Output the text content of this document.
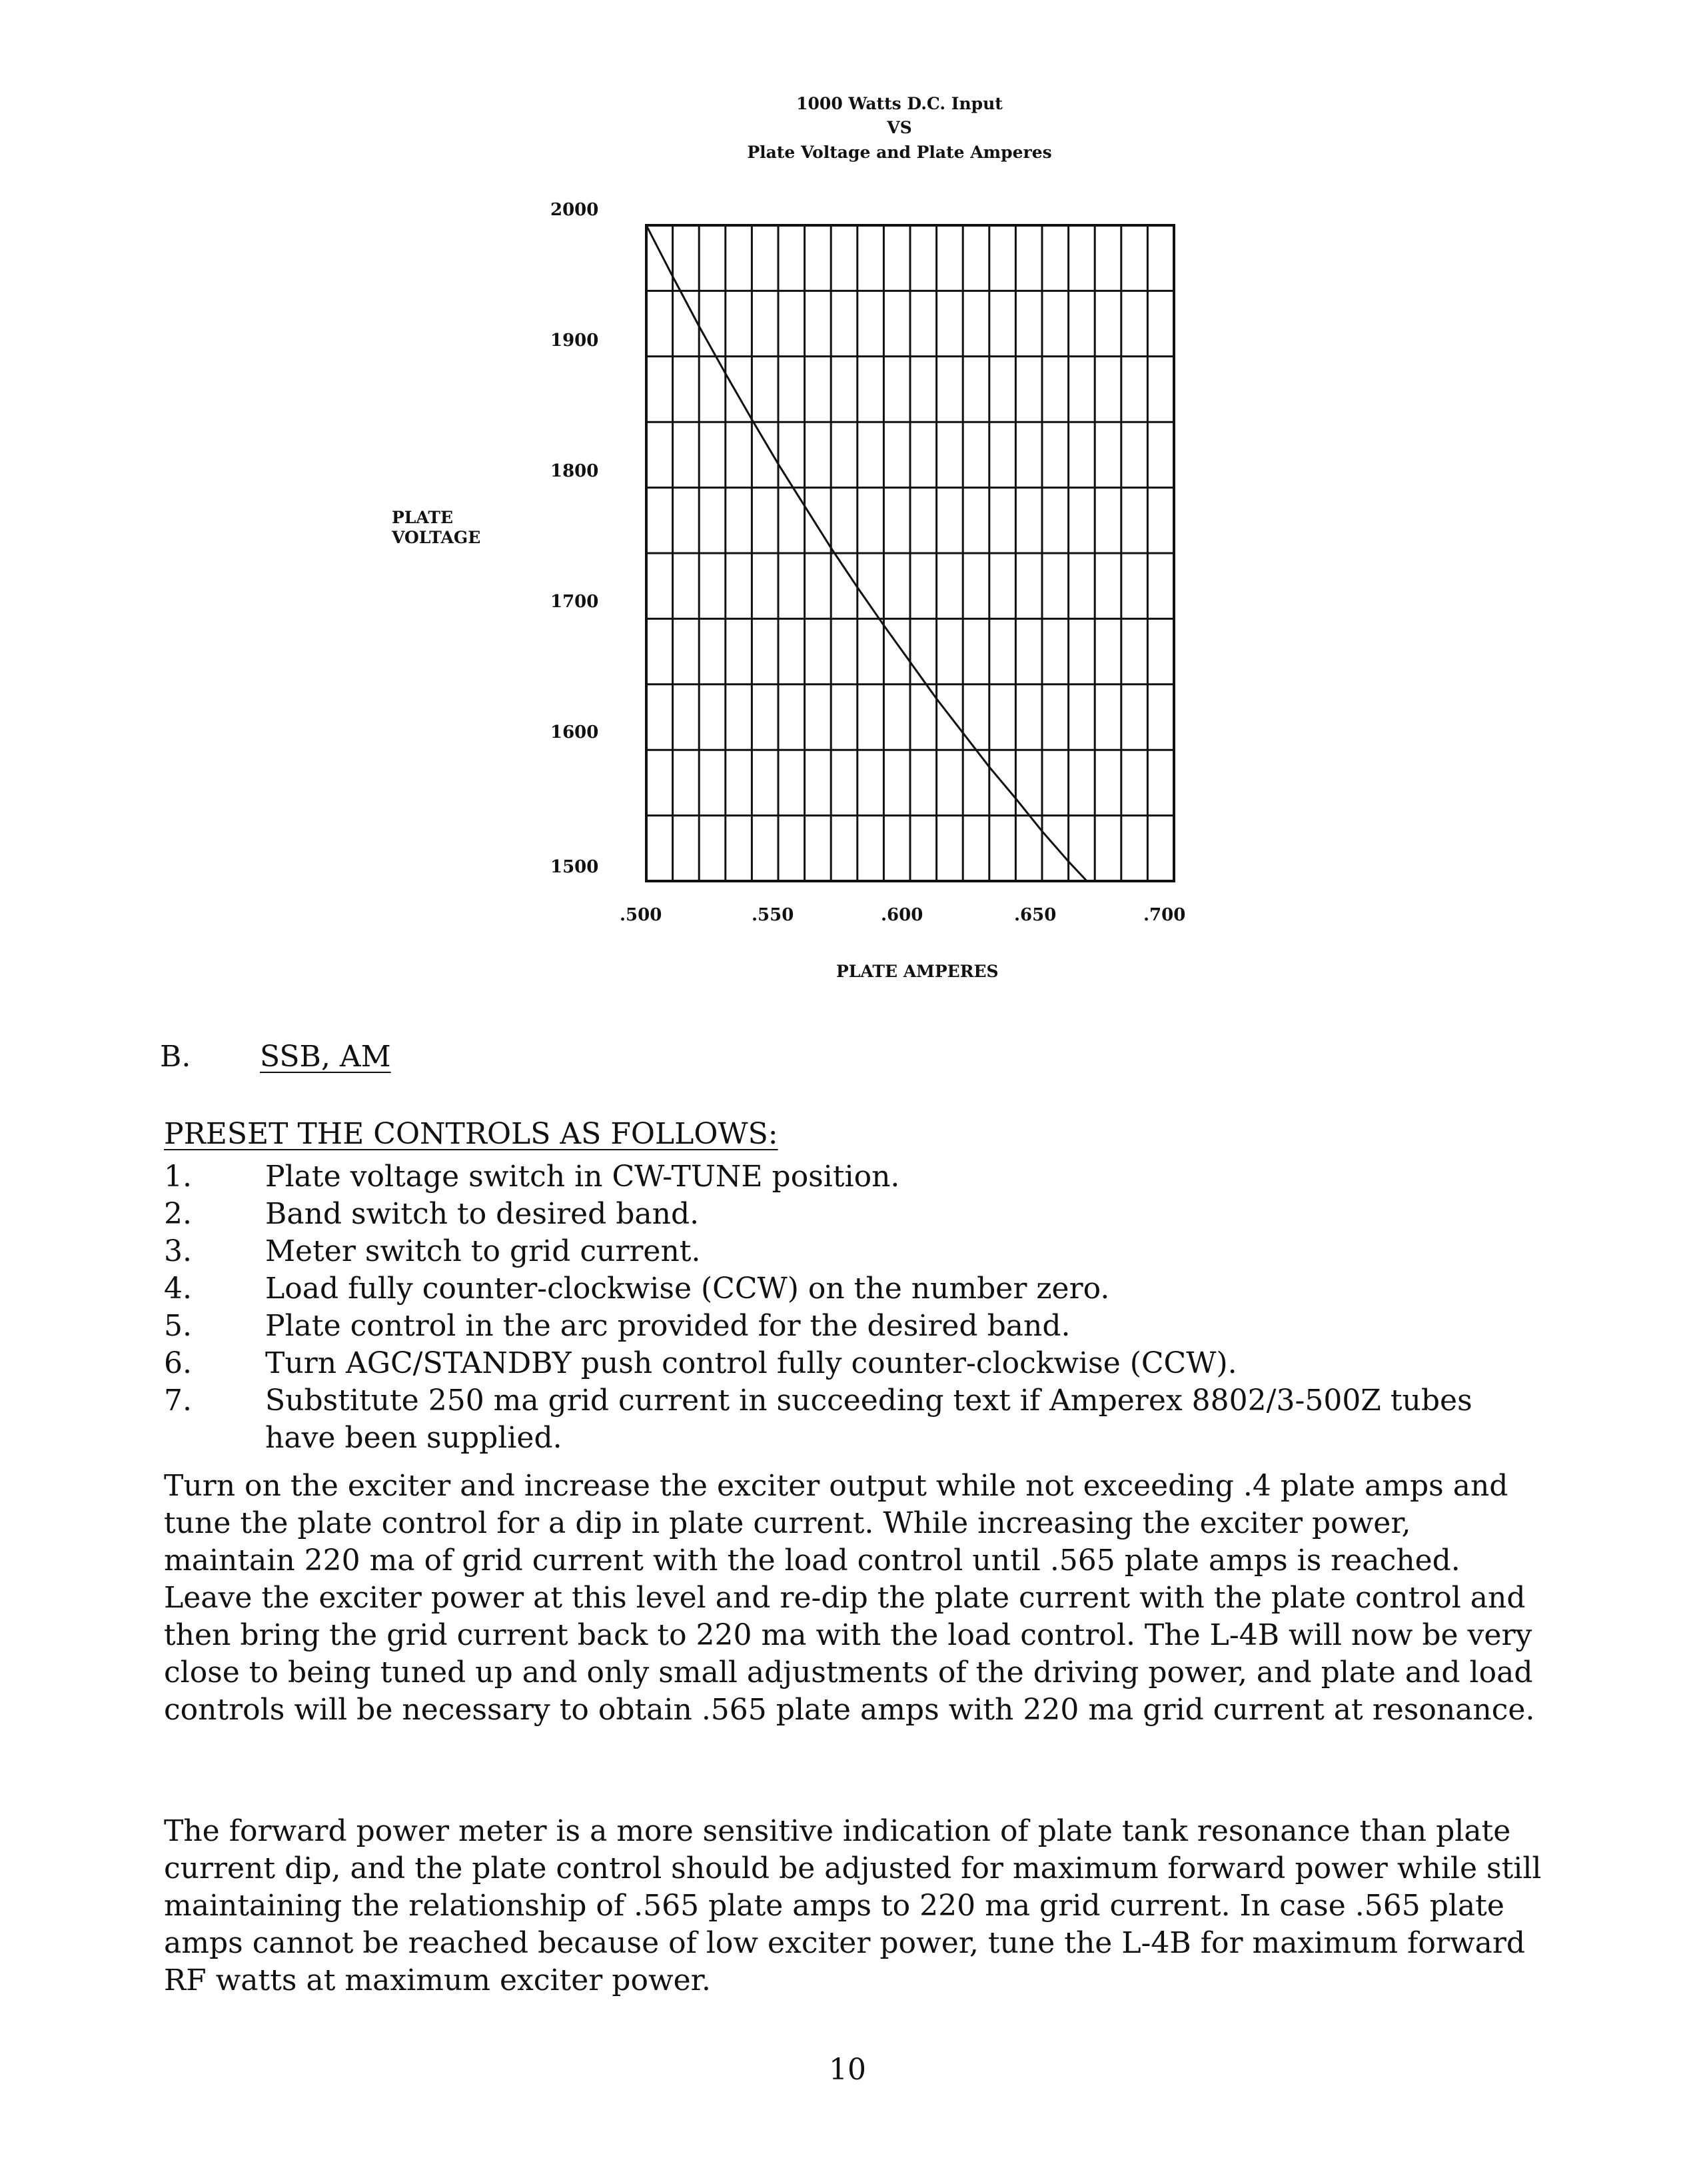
1000 Watts D.C. Input
VS
Plate Voltage and Plate Amperes
2000
1900
1800
1700
1600
1500
.500	.550	.600	.650	.700
PLATE VOLTAGE
PLATE AMPERES
B. SSB, AM
PRESET THE CONTROLS AS FOLLOWS:
1.	Plate voltage switch in CW-TUNE position.
2.	Band switch to desired band.
3.	Meter switch to grid current.
4.	Load fully counter-clockwise (CCW) on the number zero.
5.	Plate control in the arc provided for the desired band.
6.	Turn AGC/STANDBY push control fully counter-clockwise (CCW).
7.	Substitute 250 ma grid current in succeeding text if Amperex 8802/3-500Z tubes have been supplied.
Turn on the exciter and increase the exciter output while not exceeding .4 plate amps and tune the plate control for a dip in plate current. While increasing the exciter power, maintain 220 ma of grid current with the load control until .565 plate amps is reached. Leave the exciter power at this level and re-dip the plate current with the plate control and then bring the grid current back to 220 ma with the load control. The L-4B will now be very close to being tuned up and only small adjustments of the driving power, and plate and load controls will be necessary to obtain .565 plate amps with 220 ma grid current at resonance.
The forward power meter is a more sensitive indication of plate tank resonance than plate current dip, and the plate control should be adjusted for maximum forward power while still maintaining the relationship of .565 plate amps to 220 ma grid current. In case .565 plate amps cannot be reached because of low exciter power, tune the L-4B for maximum forward RF watts at maximum exciter power.
10
